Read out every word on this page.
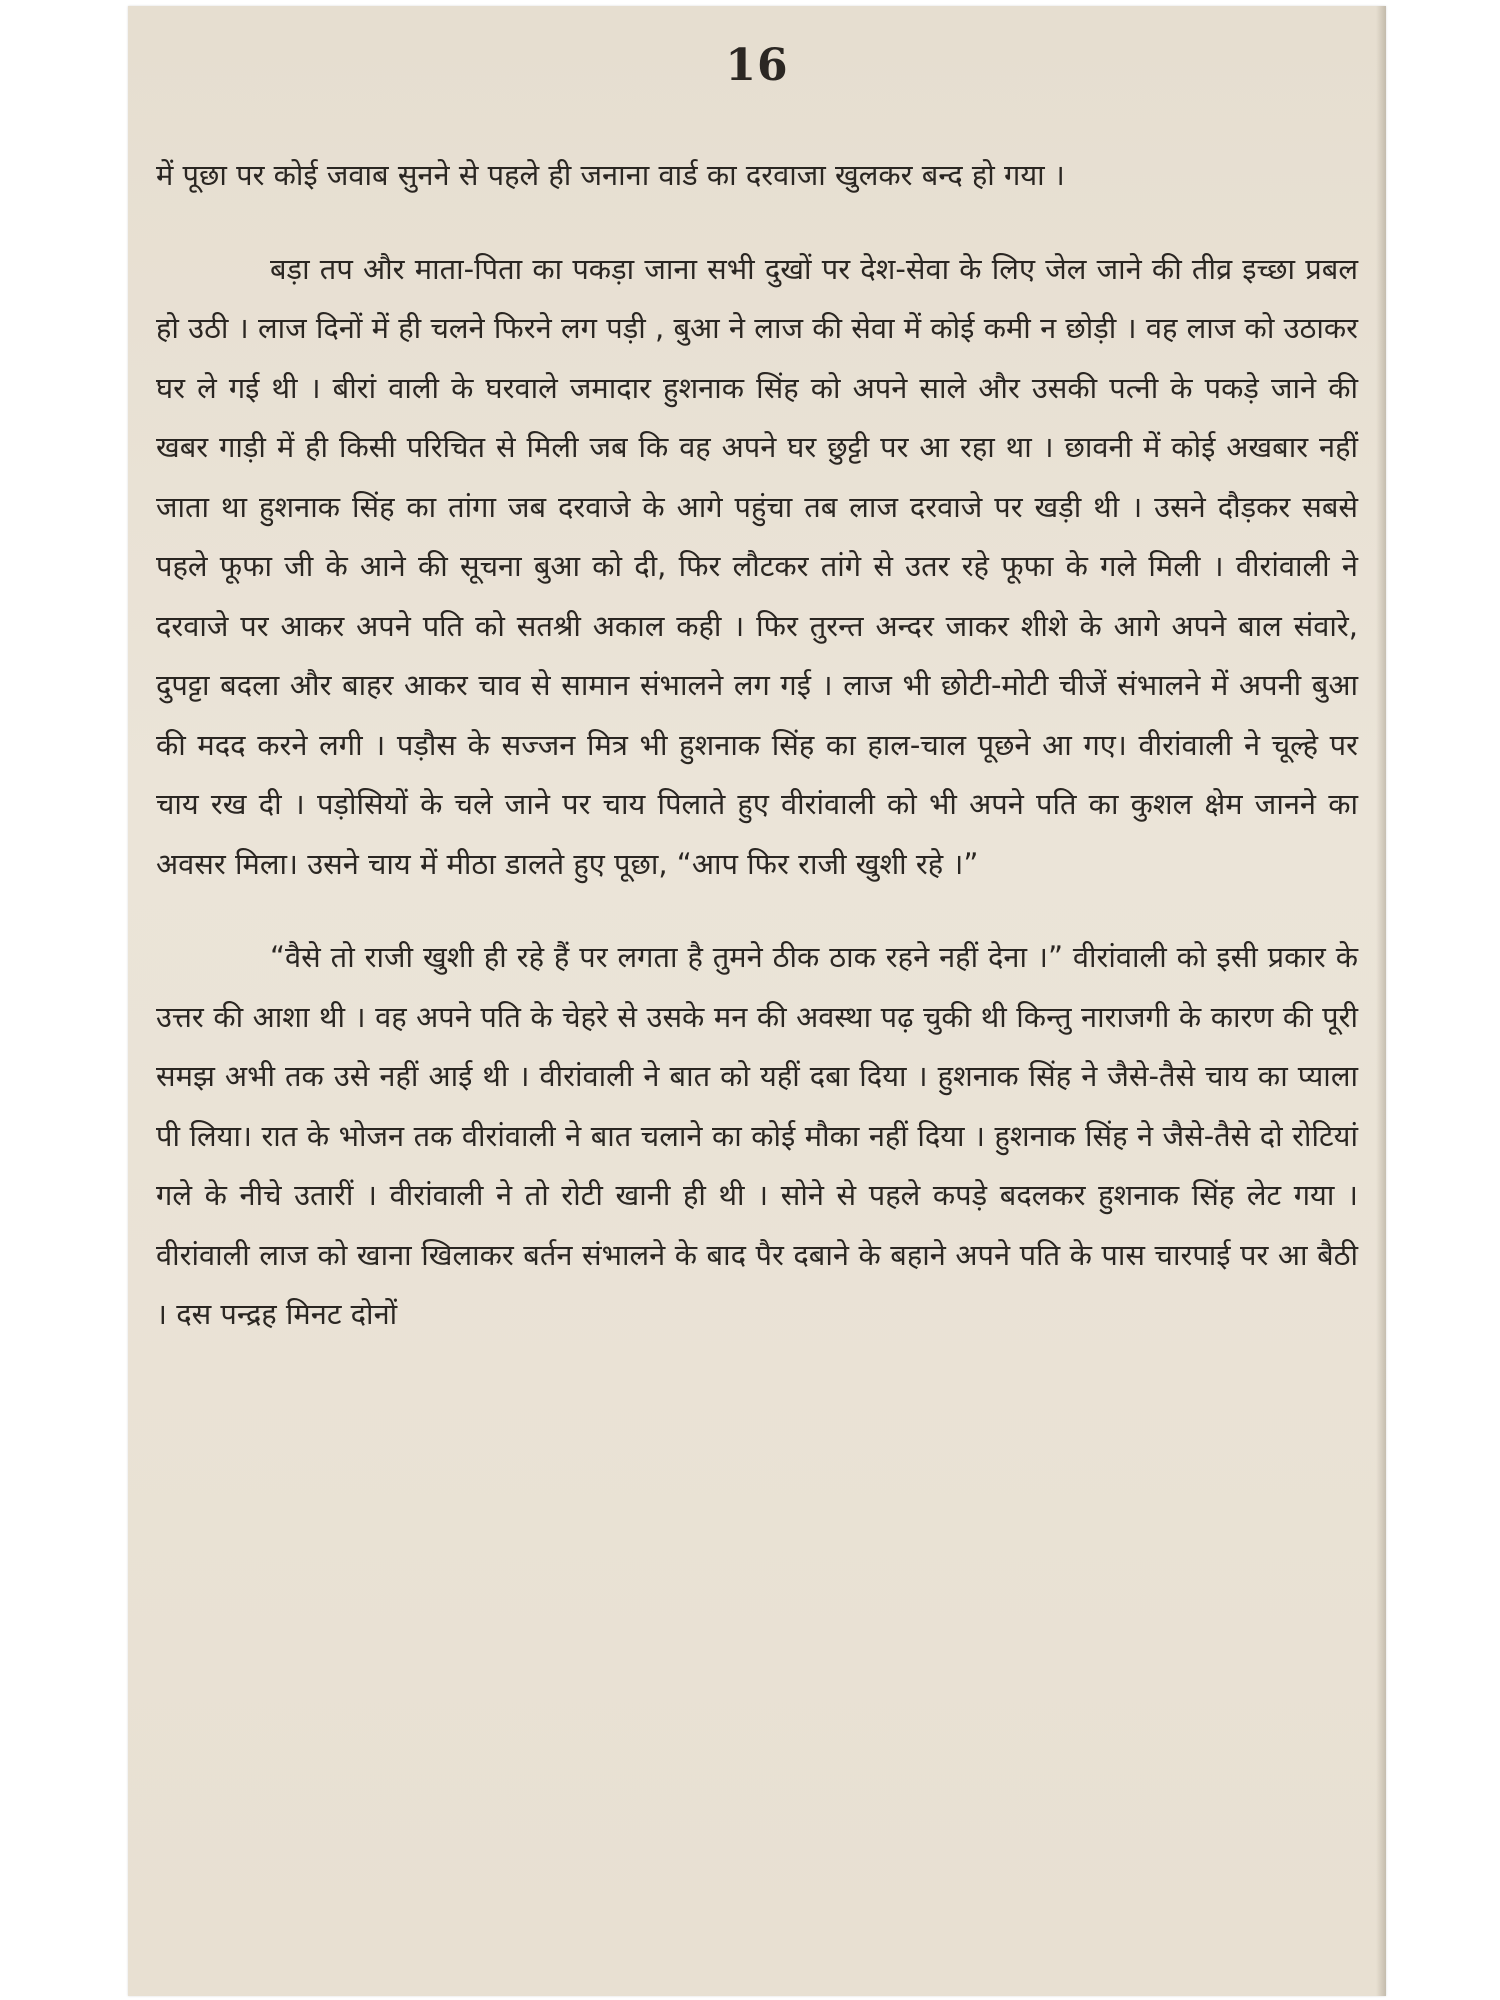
16

में पूछा पर कोई जवाब सुनने से पहले ही जनाना वार्ड का दरवाजा खुलकर बन्द हो गया ।

बड़ा तप और माता-पिता का पकड़ा जाना सभी दुखों पर देश-सेवा के लिए जेल जाने की तीव्र इच्छा प्रबल हो उठी । लाज दिनों में ही चलने फिरने लग पड़ी , बुआ ने लाज की सेवा में कोई कमी न छोड़ी । वह लाज को उठाकर घर ले गई थी । बीरां वाली के घरवाले जमादार हुशनाक सिंह को अपने साले और उसकी पत्नी के पकड़े जाने की खबर गाड़ी में ही किसी परिचित से मिली जब कि वह अपने घर छुट्टी पर आ रहा था । छावनी में कोई अखबार नहीं जाता था हुशनाक सिंह का तांगा जब दरवाजे के आगे पहुंचा तब लाज दरवाजे पर खड़ी थी । उसने दौड़कर सबसे पहले फूफा जी के आने की सूचना बुआ को दी, फिर लौटकर तांगे से उतर रहे फूफा के गले मिली । वीरांवाली ने दरवाजे पर आकर अपने पति को सतश्री अकाल कही । फिर तुरन्त अन्दर जाकर शीशे के आगे अपने बाल संवारे, दुपट्टा बदला और बाहर आकर चाव से सामान संभालने लग गई । लाज भी छोटी-मोटी चीजें संभालने में अपनी बुआ की मदद करने लगी । पड़ौस के सज्जन मित्र भी हुशनाक सिंह का हाल-चाल पूछने आ गए। वीरांवाली ने चूल्हे पर चाय रख दी । पड़ोसियों के चले जाने पर चाय पिलाते हुए वीरांवाली को भी अपने पति का कुशल क्षेम जानने का अवसर मिला। उसने चाय में मीठा डालते हुए पूछा, “आप फिर राजी खुशी रहे ।”

“वैसे तो राजी खुशी ही रहे हैं पर लगता है तुमने ठीक ठाक रहने नहीं देना ।” वीरांवाली को इसी प्रकार के उत्तर की आशा थी । वह अपने पति के चेहरे से उसके मन की अवस्था पढ़ चुकी थी किन्तु नाराजगी के कारण की पूरी समझ अभी तक उसे नहीं आई थी । वीरांवाली ने बात को यहीं दबा दिया । हुशनाक सिंह ने जैसे-तैसे चाय का प्याला पी लिया। रात के भोजन तक वीरांवाली ने बात चलाने का कोई मौका नहीं दिया । हुशनाक सिंह ने जैसे-तैसे दो रोटियां गले के नीचे उतारीं । वीरांवाली ने तो रोटी खानी ही थी । सोने से पहले कपड़े बदलकर हुशनाक सिंह लेट गया । वीरांवाली लाज को खाना खिलाकर बर्तन संभालने के बाद पैर दबाने के बहाने अपने पति के पास चारपाई पर आ बैठी । दस पन्द्रह मिनट दोनों
